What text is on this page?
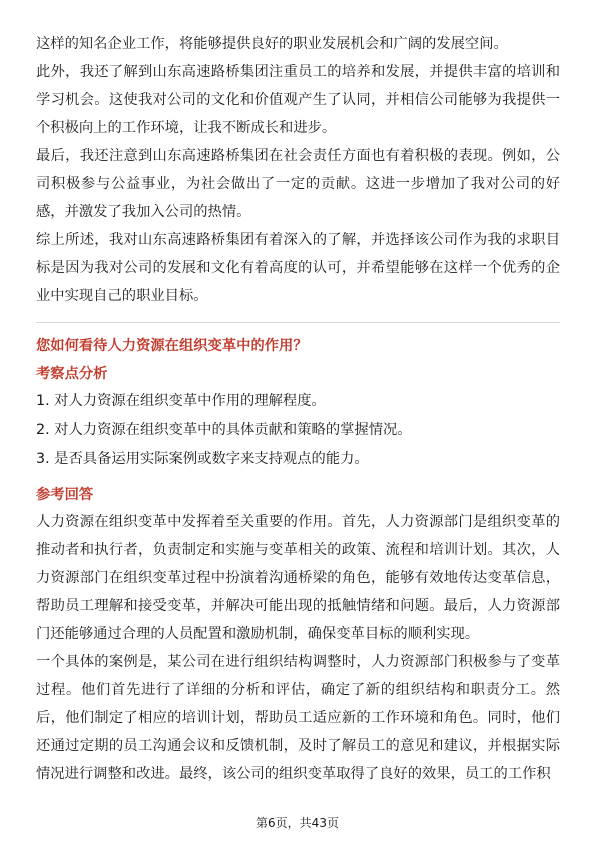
这样的知名企业工作，将能够提供良好的职业发展机会和广阔的发展空间。

此外，我还了解到山东高速路桥集团注重员工的培养和发展，并提供丰富的培训和学习机会。这使我对公司的文化和价值观产生了认同，并相信公司能够为我提供一个积极向上的工作环境，让我不断成长和进步。

最后，我还注意到山东高速路桥集团在社会责任方面也有着积极的表现。例如，公司积极参与公益事业，为社会做出了一定的贡献。这进一步增加了我对公司的好感，并激发了我加入公司的热情。

综上所述，我对山东高速路桥集团有着深入的了解，并选择该公司作为我的求职目标是因为我对公司的发展和文化有着高度的认可，并希望能够在这样一个优秀的企业中实现自己的职业目标。

您如何看待人力资源在组织变革中的作用？

考察点分析

1. 对人力资源在组织变革中作用的理解程度。

2. 对人力资源在组织变革中的具体贡献和策略的掌握情况。

3. 是否具备运用实际案例或数字来支持观点的能力。

参考回答

人力资源在组织变革中发挥着至关重要的作用。首先，人力资源部门是组织变革的推动者和执行者，负责制定和实施与变革相关的政策、流程和培训计划。其次，人力资源部门在组织变革过程中扮演着沟通桥梁的角色，能够有效地传达变革信息，帮助员工理解和接受变革，并解决可能出现的抵触情绪和问题。最后，人力资源部门还能够通过合理的人员配置和激励机制，确保变革目标的顺利实现。

一个具体的案例是，某公司在进行组织结构调整时，人力资源部门积极参与了变革过程。他们首先进行了详细的分析和评估，确定了新的组织结构和职责分工。然后，他们制定了相应的培训计划，帮助员工适应新的工作环境和角色。同时，他们还通过定期的员工沟通会议和反馈机制，及时了解员工的意见和建议，并根据实际情况进行调整和改进。最终，该公司的组织变革取得了良好的效果，员工的工作积

第6页，共43页
